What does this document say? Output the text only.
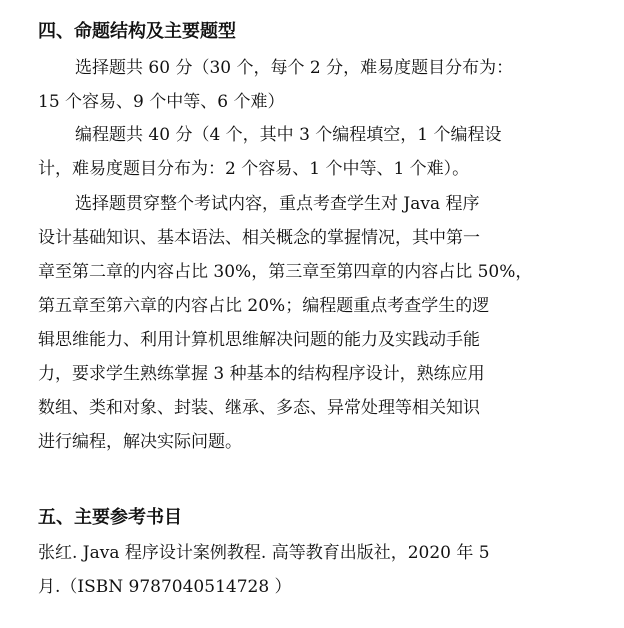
四、命题结构及主要题型

选择题共 60 分（30 个，每个 2 分，难易度题目分布为：

15 个容易、9 个中等、6 个难）

编程题共 40 分（4 个，其中 3 个编程填空，1 个编程设

计，难易度题目分布为：2 个容易、1 个中等、1 个难）。

选择题贯穿整个考试内容，重点考查学生对 Java 程序

设计基础知识、基本语法、相关概念的掌握情况，其中第一

章至第二章的内容占比 30%，第三章至第四章的内容占比 50%，

第五章至第六章的内容占比 20%；编程题重点考查学生的逻

辑思维能力、利用计算机思维解决问题的能力及实践动手能

力，要求学生熟练掌握 3 种基本的结构程序设计，熟练应用

数组、类和对象、封装、继承、多态、异常处理等相关知识

进行编程，解决实际问题。

五、主要参考书目

张红. Java 程序设计案例教程. 高等教育出版社，2020 年 5

月.（ISBN 9787040514728 ）
